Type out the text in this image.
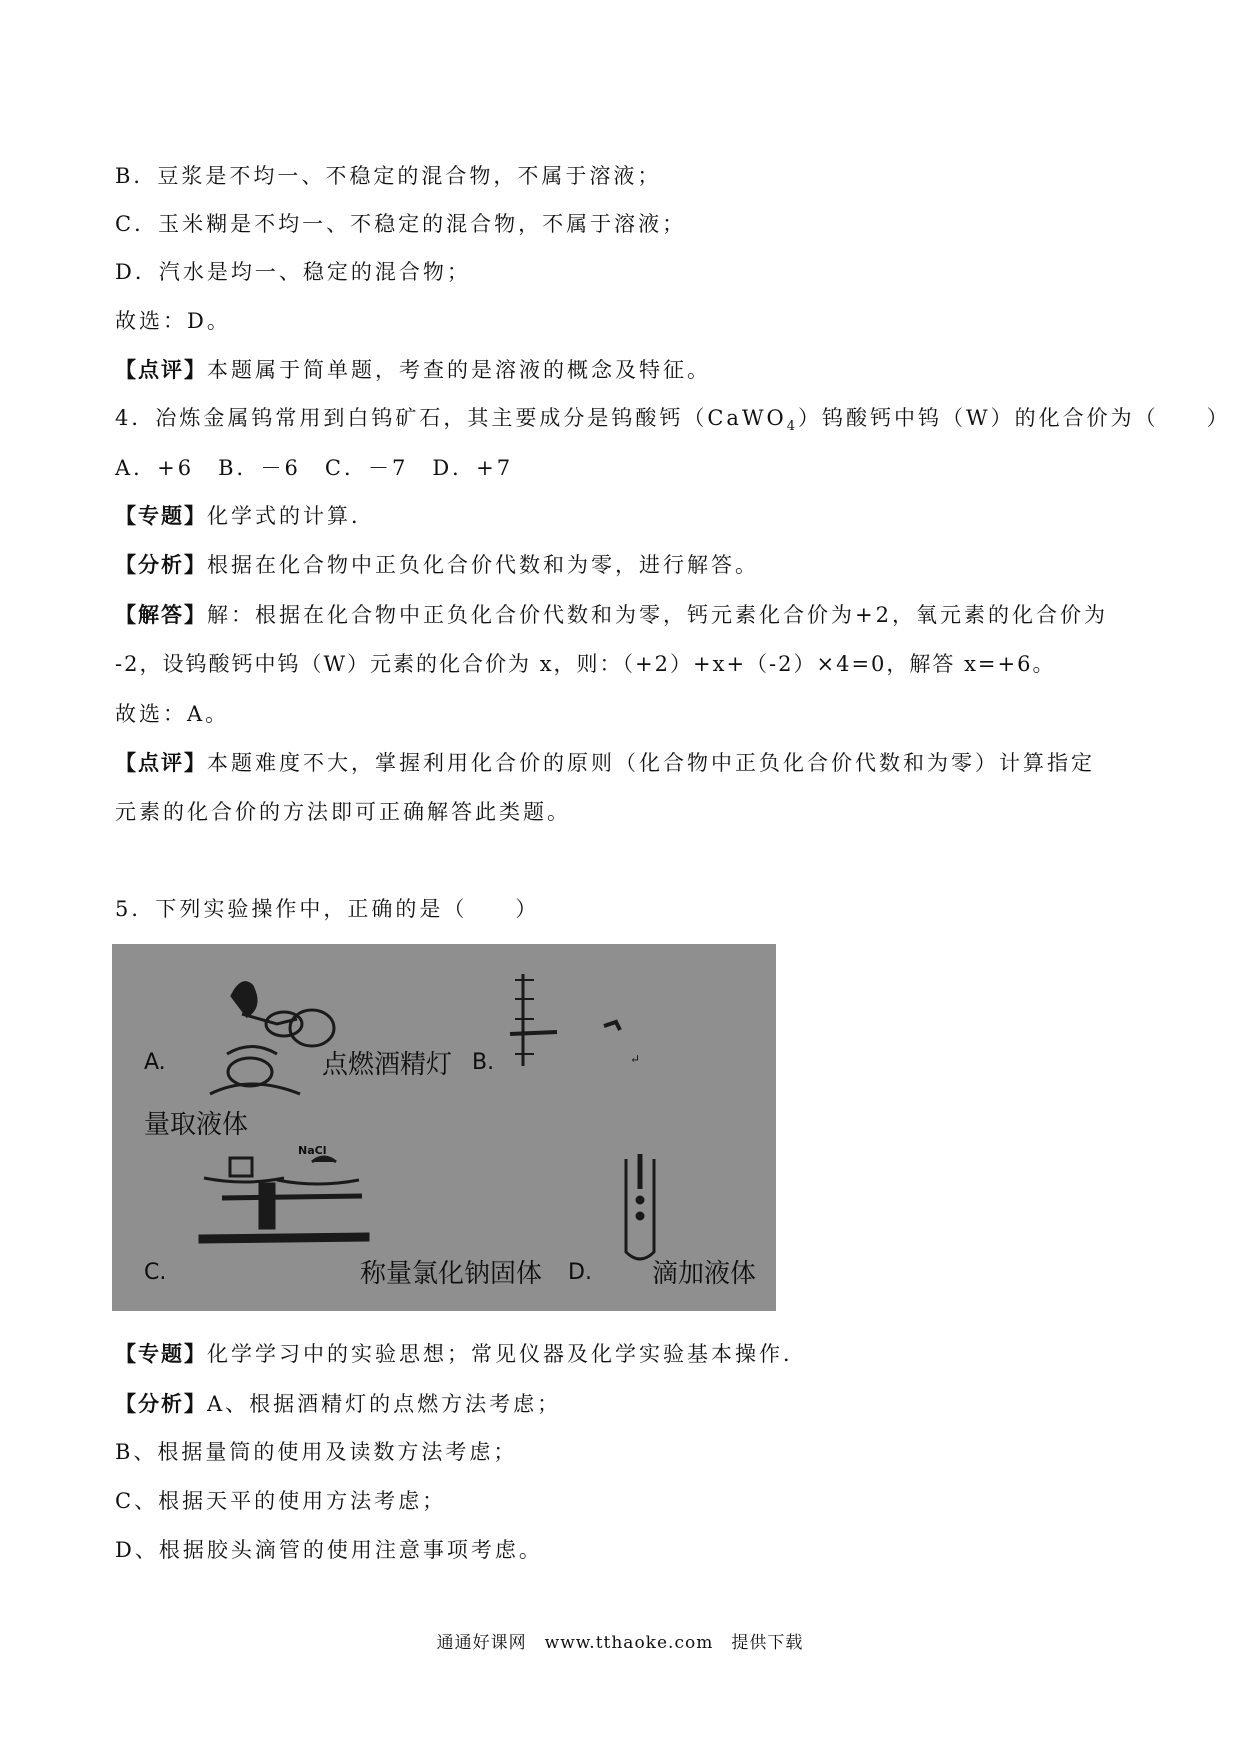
B．豆浆是不均一、不稳定的混合物，不属于溶液；
C．玉米糊是不均一、不稳定的混合物，不属于溶液；
D．汽水是均一、稳定的混合物；
故选：D。
【点评】本题属于简单题，考查的是溶液的概念及特征。
4．冶炼金属钨常用到白钨矿石，其主要成分是钨酸钙（CaWO$_4$）钨酸钙中钨（W）的化合价为（　　）
A．+6　B．－6　C．－7　D．+7
【专题】化学式的计算．
【分析】根据在化合物中正负化合价代数和为零，进行解答。
【解答】解：根据在化合物中正负化合价代数和为零，钙元素化合价为+2，氧元素的化合价为
-2，设钨酸钙中钨（W）元素的化合价为 x，则：（+2）+x+（-2）×4=0，解答 x=+6。
故选：A。
【点评】本题难度不大，掌握利用化合价的原则（化合物中正负化合价代数和为零）计算指定
元素的化合价的方法即可正确解答此类题。
5．下列实验操作中，正确的是（　　）
A.	点燃酒精灯 B.	↵
量取液体
NaCl
C.	称量氯化钠固体 D. 滴加液体
【专题】化学学习中的实验思想；常见仪器及化学实验基本操作．
【分析】A、根据酒精灯的点燃方法考虑；
B、根据量筒的使用及读数方法考虑；
C、根据天平的使用方法考虑；
D、根据胶头滴管的使用注意事项考虑。
通通好课网　www.tthaoke.com　提供下载
